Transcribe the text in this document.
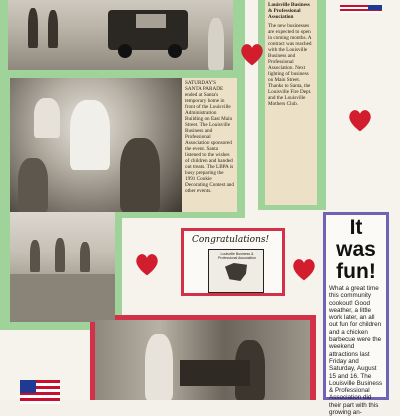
SATURDAY'S SANTA PARADE ended at Santa's temporary home in front of the Louisville Administration Building on East Main Street. The Louisville Business and Professional Association sponsored the event. Santa listened to the wishes of children and handed out treats. The LBPA is busy preparing the 1991 Cookie Decorating Contest and other events.
Louisville Business & Professional Association
The new businesses are expected to open in coming months. A contract was reached with the Louisville Business and Professional Association. Next lighting of business on Main Street. Thanks to Santa, the Louisville Fire Dept. and the Louisville Mothers Club.
Congratulations!
Louisville Business & Professional Association
It was fun!
What a great time this community cookout! Good weather, a little work later, an all out fun for children and a chicken barbecue were the weekend attractions last Friday and Saturday, August 15 and 16. The Louisville Business & Professional Association did their part with this growing an-
